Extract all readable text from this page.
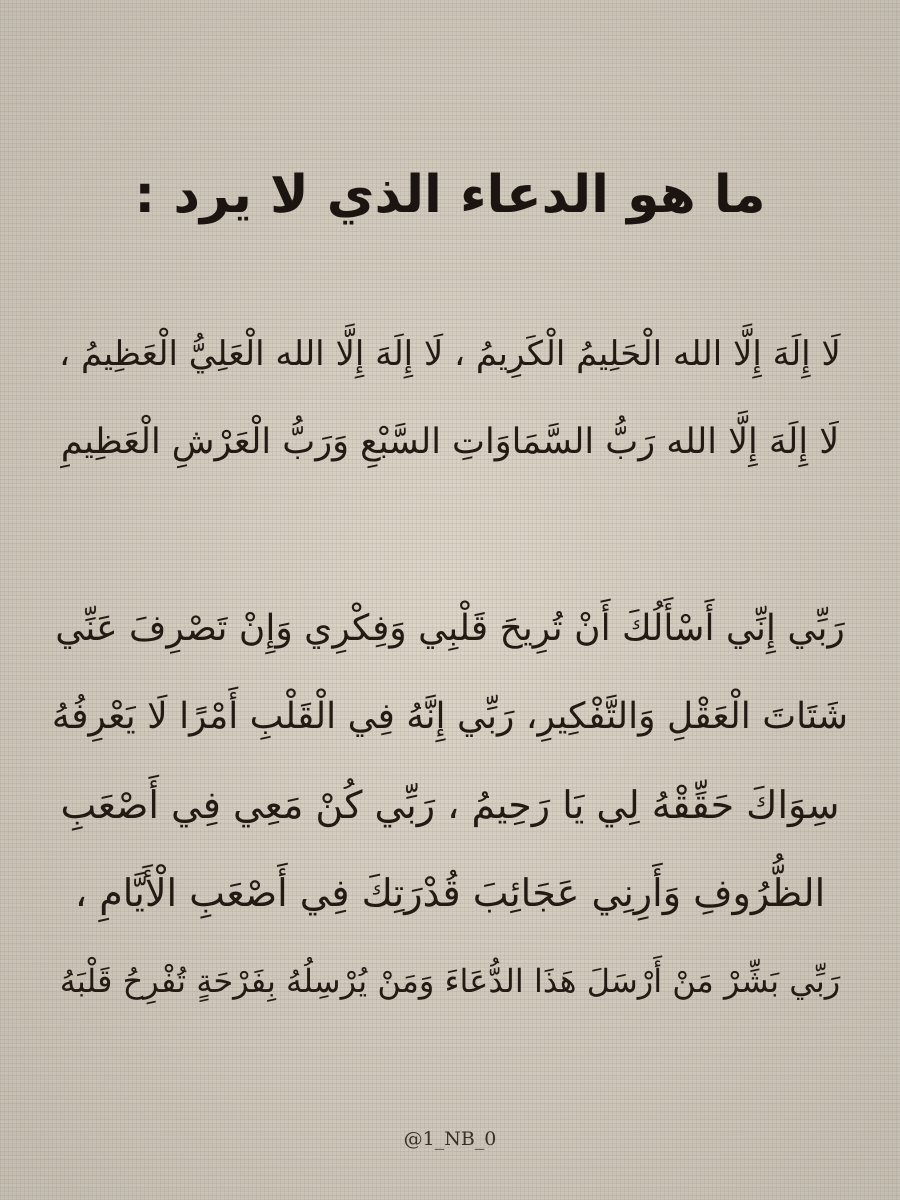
ما هو الدعاء الذي لا يرد :
لَا إِلَهَ إِلَّا الله الْحَلِيمُ الْكَرِيمُ ، لَا إِلَهَ إِلَّا الله الْعَلِيُّ الْعَظِيمُ ،
لَا إِلَهَ إِلَّا الله رَبُّ السَّمَاوَاتِ السَّبْعِ وَرَبُّ الْعَرْشِ الْعَظِيمِ
رَبِّي إِنِّي أَسْأَلُكَ أَنْ تُرِيحَ قَلْبِي وَفِكْرِي وَإِنْ تَصْرِفَ عَنِّي
شَتَاتَ الْعَقْلِ وَالتَّفْكِيرِ، رَبِّي إِنَّهُ فِي الْقَلْبِ أَمْرًا لَا يَعْرِفُهُ
سِوَاكَ حَقِّقْهُ لِي يَا رَحِيمُ ، رَبِّي كُنْ مَعِي فِي أَصْعَبِ
الظُّرُوفِ وَأَرِنِي عَجَائِبَ قُدْرَتِكَ فِي أَصْعَبِ الْأَيَّامِ ،
رَبِّي بَشِّرْ مَنْ أَرْسَلَ هَذَا الدُّعَاءَ وَمَنْ يُرْسِلُهُ بِفَرْحَةٍ تُفْرِحُ قَلْبَهُ
@1_NB_0
